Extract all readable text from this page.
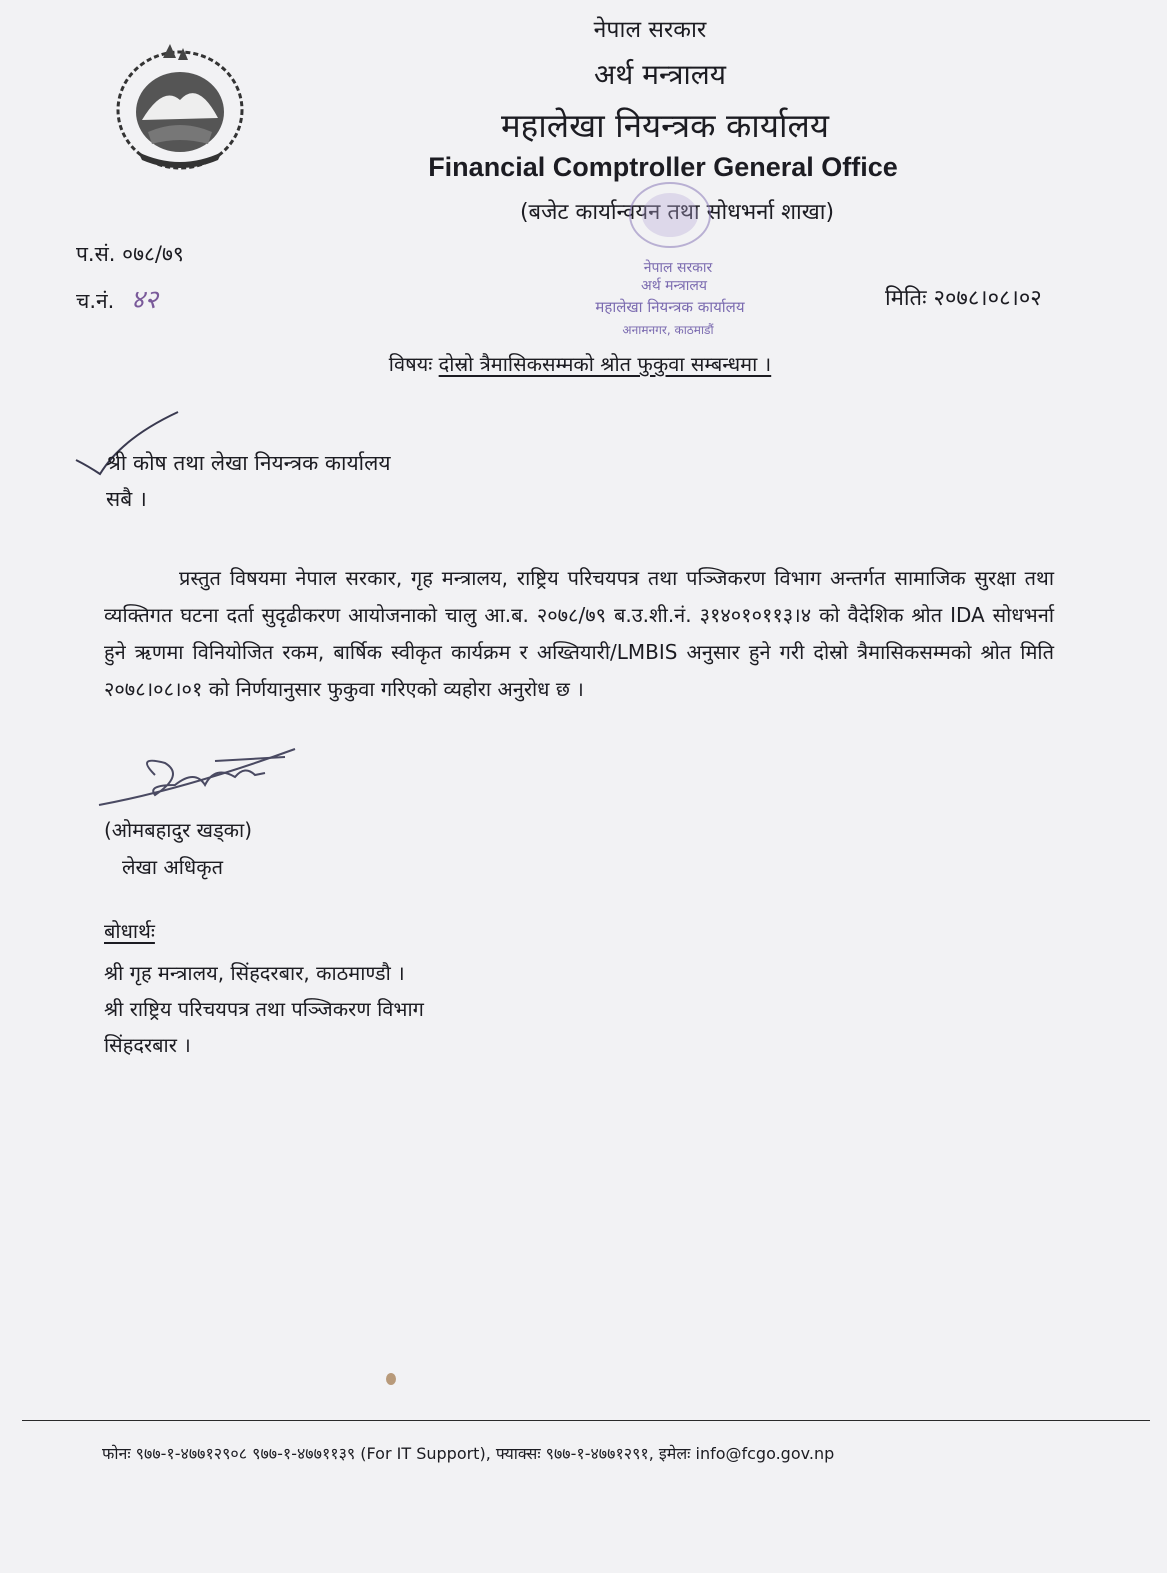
नेपाल सरकार
अर्थ मन्त्रालय
महालेखा नियन्त्रक कार्यालय
Financial Comptroller General Office
(बजेट कार्यान्वयन तथा सोधभर्ना शाखा)
नेपाल सरकार
अर्थ मन्त्रालय
महालेखा नियन्त्रक कार्यालय
अनामनगर, काठमाडौं
प.सं. ०७८/७९
च.नं. ४२	मितिः २०७८।०८।०२
विषयः दोस्रो त्रैमासिकसम्मको श्रोत फुकुवा सम्बन्धमा ।
श्री कोष तथा लेखा नियन्त्रक कार्यालय
सबै ।
प्रस्तुत विषयमा नेपाल सरकार, गृह मन्त्रालय, राष्ट्रिय परिचयपत्र तथा पञ्जिकरण विभाग अन्तर्गत सामाजिक सुरक्षा तथा व्यक्तिगत घटना दर्ता सुदृढीकरण आयोजनाको चालु आ.ब. २०७८/७९ ब.उ.शी.नं. ३१४०१०११३।४ को वैदेशिक श्रोत IDA सोधभर्ना हुने ऋणमा विनियोजित रकम, बार्षिक स्वीकृत कार्यक्रम र अख्तियारी/LMBIS अनुसार हुने गरी दोस्रो त्रैमासिकसम्मको श्रोत मिति २०७८।०८।०१ को निर्णयानुसार फुकुवा गरिएको व्यहोरा अनुरोध छ ।
(ओमबहादुर खड्का)
लेखा अधिकृत
बोधार्थः
श्री गृह मन्त्रालय, सिंहदरबार, काठमाण्डौ ।
श्री राष्ट्रिय परिचयपत्र तथा पञ्जिकरण विभाग
सिंहदरबार ।
फोनः ९७७-१-४७७१२९०८ ९७७-१-४७७११३९ (For IT Support), फ्याक्सः ९७७-१-४७७१२९१, इमेलः info@fcgo.gov.np
